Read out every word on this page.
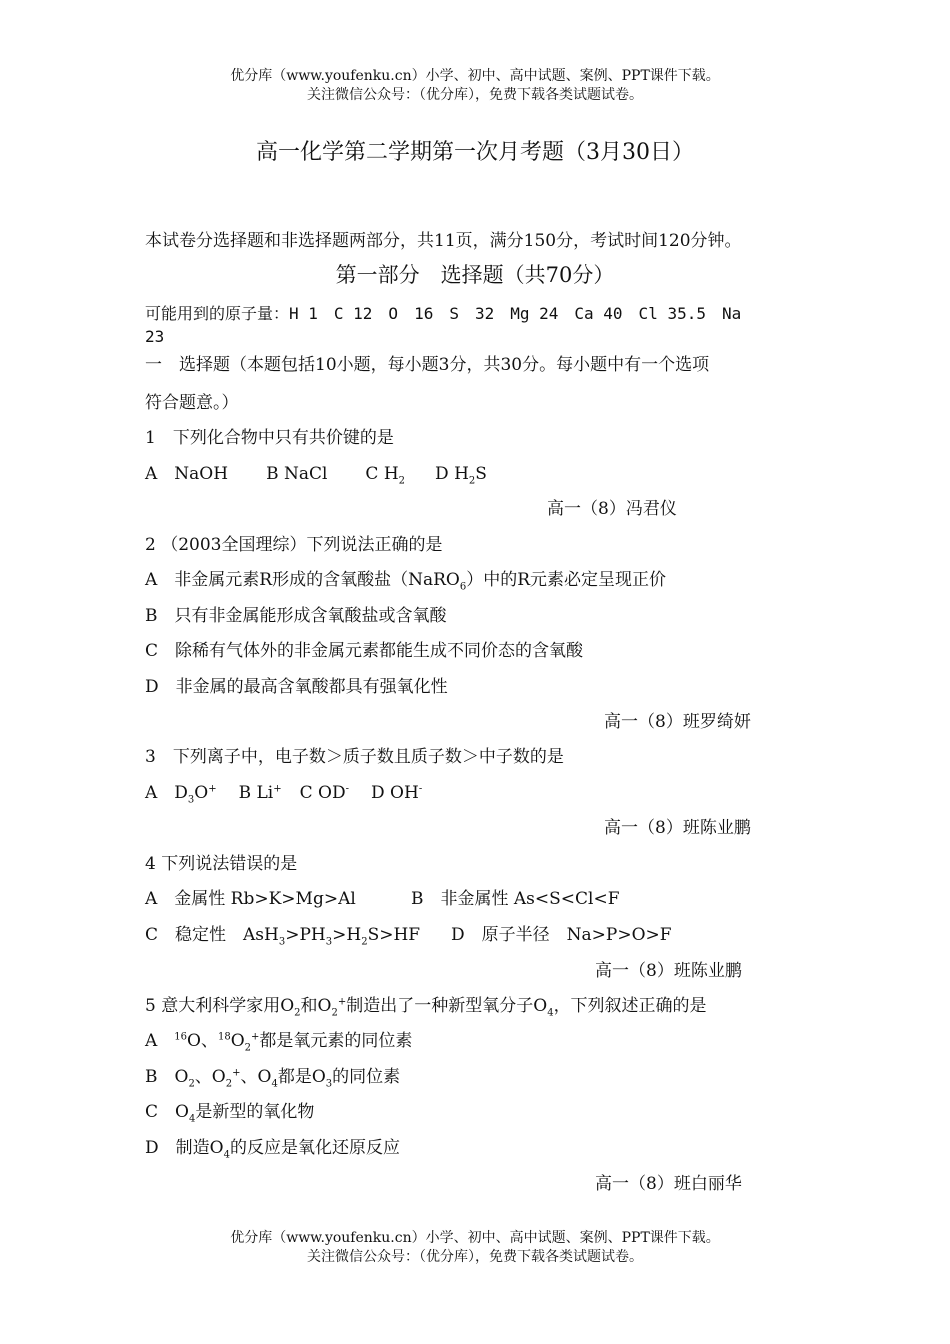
优分库（www.youfenku.cn）小学、初中、高中试题、案例、PPT课件下载。
关注微信公众号：（优分库），免费下载各类试题试卷。
高一化学第二学期第一次月考题（3月30日）
本试卷分选择题和非选择题两部分，共11页，满分150分，考试时间120分钟。
第一部分　选择题（共70分）
可能用到的原子量：H 1　C 12　O　16　S　32　Mg 24　Ca 40　Cl 35.5　Na
23
一　选择题（本题包括10小题，每小题3分，共30分。每小题中有一个选项
符合题意。）
1　下列化合物中只有共价键的是
A　NaOH B NaCl C $H_2$ D $H_2S$
高一（8）冯君仪
2 （2003全国理综）下列说法正确的是
A　非金属元素R形成的含氧酸盐（NaRO$_6$）中的R元素必定呈现正价
B　只有非金属能形成含氧酸盐或含氧酸
C　除稀有气体外的非金属元素都能生成不同价态的含氧酸
D　非金属的最高含氧酸都具有强氧化性
高一（8）班罗绮妍
3　下列离子中，电子数＞质子数且质子数＞中子数的是
A　$D_3O^+$ B Li+ C OD- D OH-
高一（8）班陈业鹏
4 下列说法错误的是
A　金属性 Rb>K>Mg>Al	B　非金属性 As<S<Cl<F
C　稳定性　$AsH_3>PH_3>H_2S>HF$ D　原子半径　Na>P>O>F
高一（8）班陈业鹏
5 意大利科学家用$O_2$和$O_2^+$制造出了一种新型氧分子$O_4$，下列叙述正确的是
A　$^{16}$O、$^{18}O_2^+$都是氧元素的同位素
B　$O_2$、$O_2^+$、$O_4$都是$O_3$的同位素
C　$O_4$是新型的氧化物
D　制造$O_4$的反应是氧化还原反应
高一（8）班白丽华
优分库（www.youfenku.cn）小学、初中、高中试题、案例、PPT课件下载。
关注微信公众号：（优分库），免费下载各类试题试卷。
